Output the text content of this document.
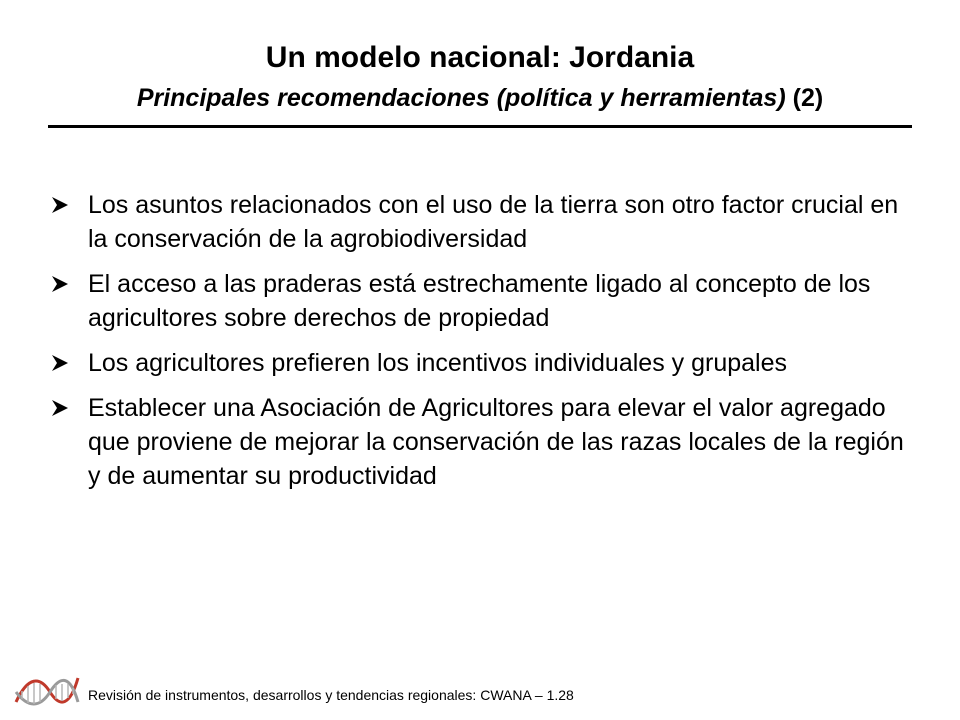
Un modelo nacional: Jordania
Principales recomendaciones (política y herramientas) (2)
Los asuntos relacionados con el uso de la tierra son otro factor crucial en la conservación de la agrobiodiversidad
El acceso a las praderas está estrechamente ligado al concepto de los agricultores sobre derechos de propiedad
Los agricultores prefieren los incentivos individuales y grupales
Establecer una Asociación de Agricultores para elevar el valor agregado que proviene de mejorar la conservación de las razas locales de la región y de aumentar su productividad
Revisión de instrumentos, desarrollos y tendencias regionales: CWANA – 1.28
